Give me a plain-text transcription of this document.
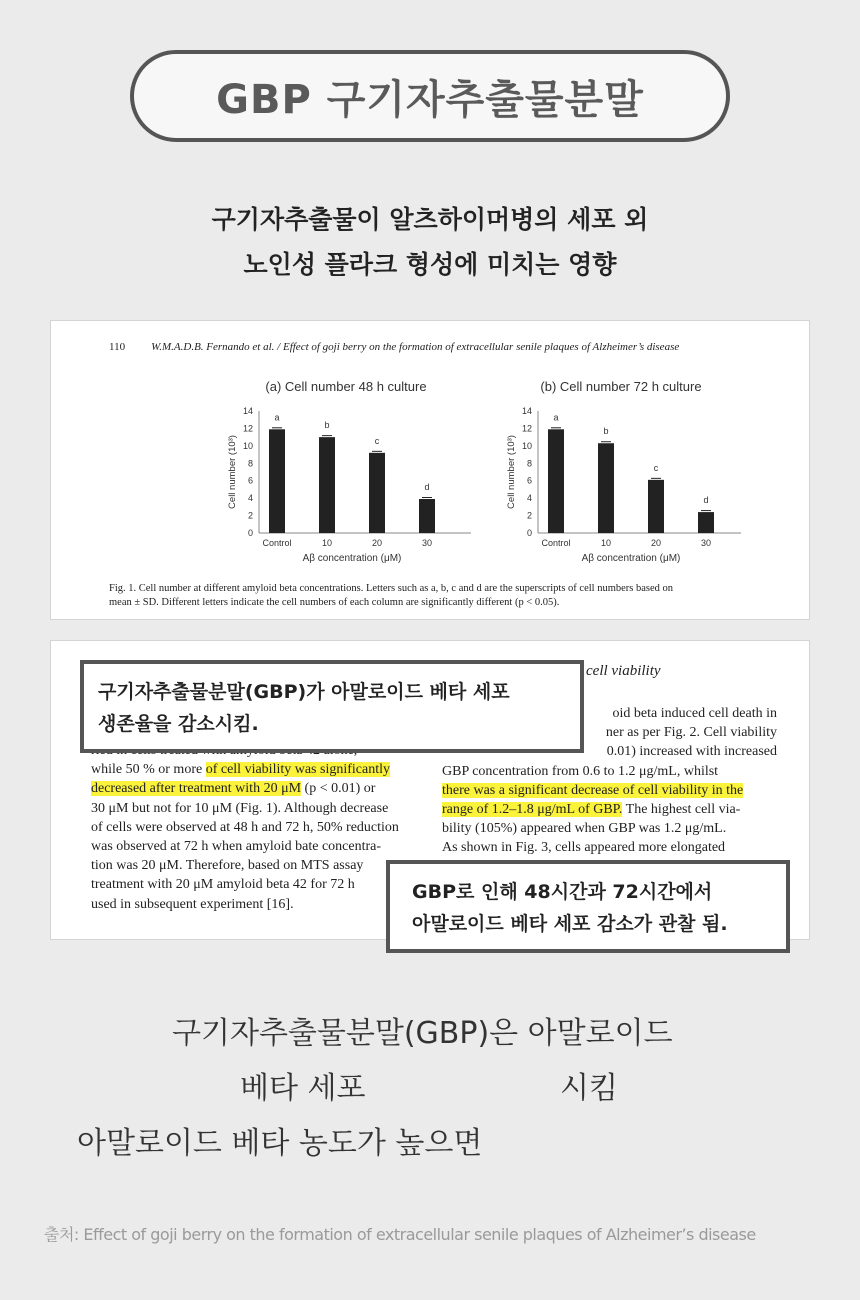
GBP 구기자추출물분말
구기자추출물이 알츠하이머병의 세포 외
노인성 플라크 형성에 미치는 영향
110 W.M.A.D.B. Fernando et al. / Effect of goji berry on the formation of extracellular senile plaques of Alzheimer’s disease
(a) Cell number 48 h culture
0
2
4
6
8
10
12
14
Cell number (10³)
a
Control
b
10
c
20
d
30
Aβ concentration (μM)
(b) Cell number 72 h culture
0
2
4
6
8
10
12
14
Cell number (10³)
a
Control
b
10
c
20
d
30
Aβ concentration (μM)
Fig. 1. Cell number at different amyloid beta concentrations. Letters such as a, b, c and d are the superscripts of cell numbers based on
mean ± SD. Different letters indicate the cell numbers of each column are significantly different (p < 0.05).
cell viability
while 50 % or more of cell viability was significantly
decreased after treatment with 20 μM (p < 0.01) or
30 μM but not for 10 μM (Fig. 1). Although decrease
of cells were observed at 48 h and 72 h, 50% reduction
was observed at 72 h when amyloid bate concentra-
tion was 20 μM. Therefore, based on MTS assay
treatment with 20 μM amyloid beta 42 for 72 h
used in subsequent experiment [16].
oid beta induced cell death in
ner as per Fig. 2. Cell viability
0.01) increased with increased
GBP concentration from 0.6 to 1.2 μg/mL, whilst
there was a significant decrease of cell viability in the
range of 1.2–1.8 μg/mL of GBP. The highest cell via-
bility (105%) appeared when GBP was 1.2 μg/mL.
As shown in Fig. 3, cells appeared more elongated
구기자추출물분말(GBP)가 아말로이드 베타 세포
생존율을 감소시킴.
GBP로 인해 48시간과 72시간에서
아말로이드 베타 세포 감소가 관찰 됨.
구기자추출물분말(GBP)은 아말로이드
베타 세포	시킴
아말로이드 베타 농도가 높으면
출처: Effect of goji berry on the formation of extracellular senile plaques of Alzheimer’s disease
